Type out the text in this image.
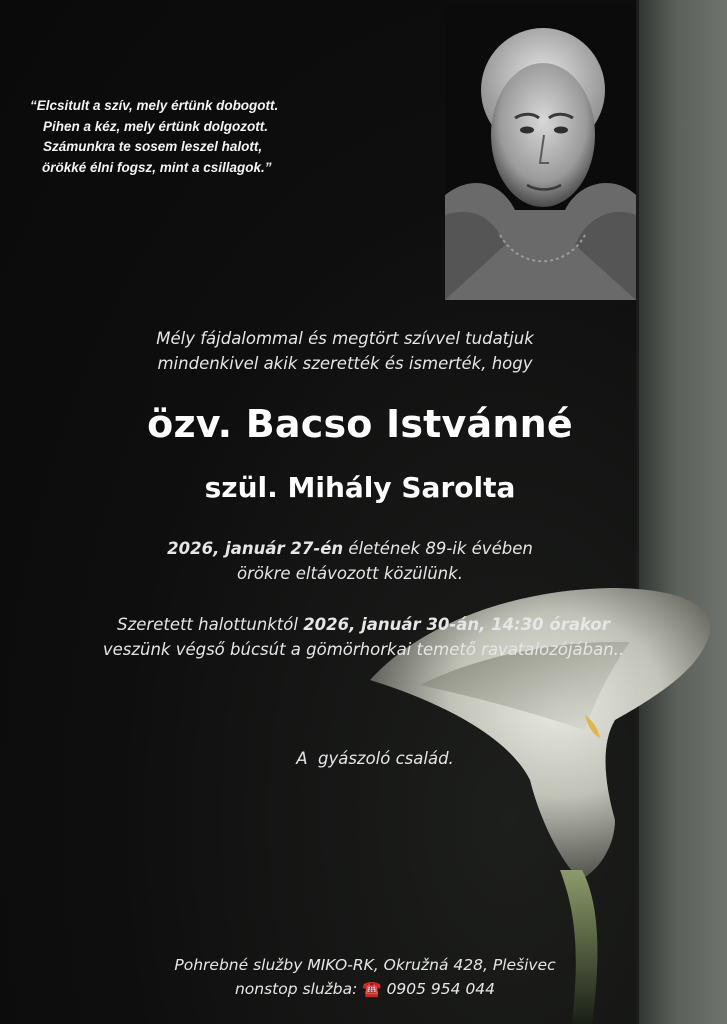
“Elcsitult a szív, mely értünk dobogott.
Pihen a kéz, mely értünk dolgozott.
Számunkra te sosem leszel halott,
örökké élni fogsz, mint a csillagok.”
Mély fájdalommal és megtört szívvel tudatjuk
mindenkivel akik szerették és ismerték, hogy
özv. Bacso Istvánné
szül. Mihály Sarolta
2026, január 27-én életének 89-ik évében
örökre eltávozott közülünk.
Szeretett halottunktól 2026, január 30-án, 14:30 órakor
veszünk végső búcsút a gömörhorkai temető ravatalozójában..
A  gyászoló család.
Pohrebné služby MIKO-RK, Okružná 428, Plešivec
nonstop služba: ☎️ 0905 954 044
